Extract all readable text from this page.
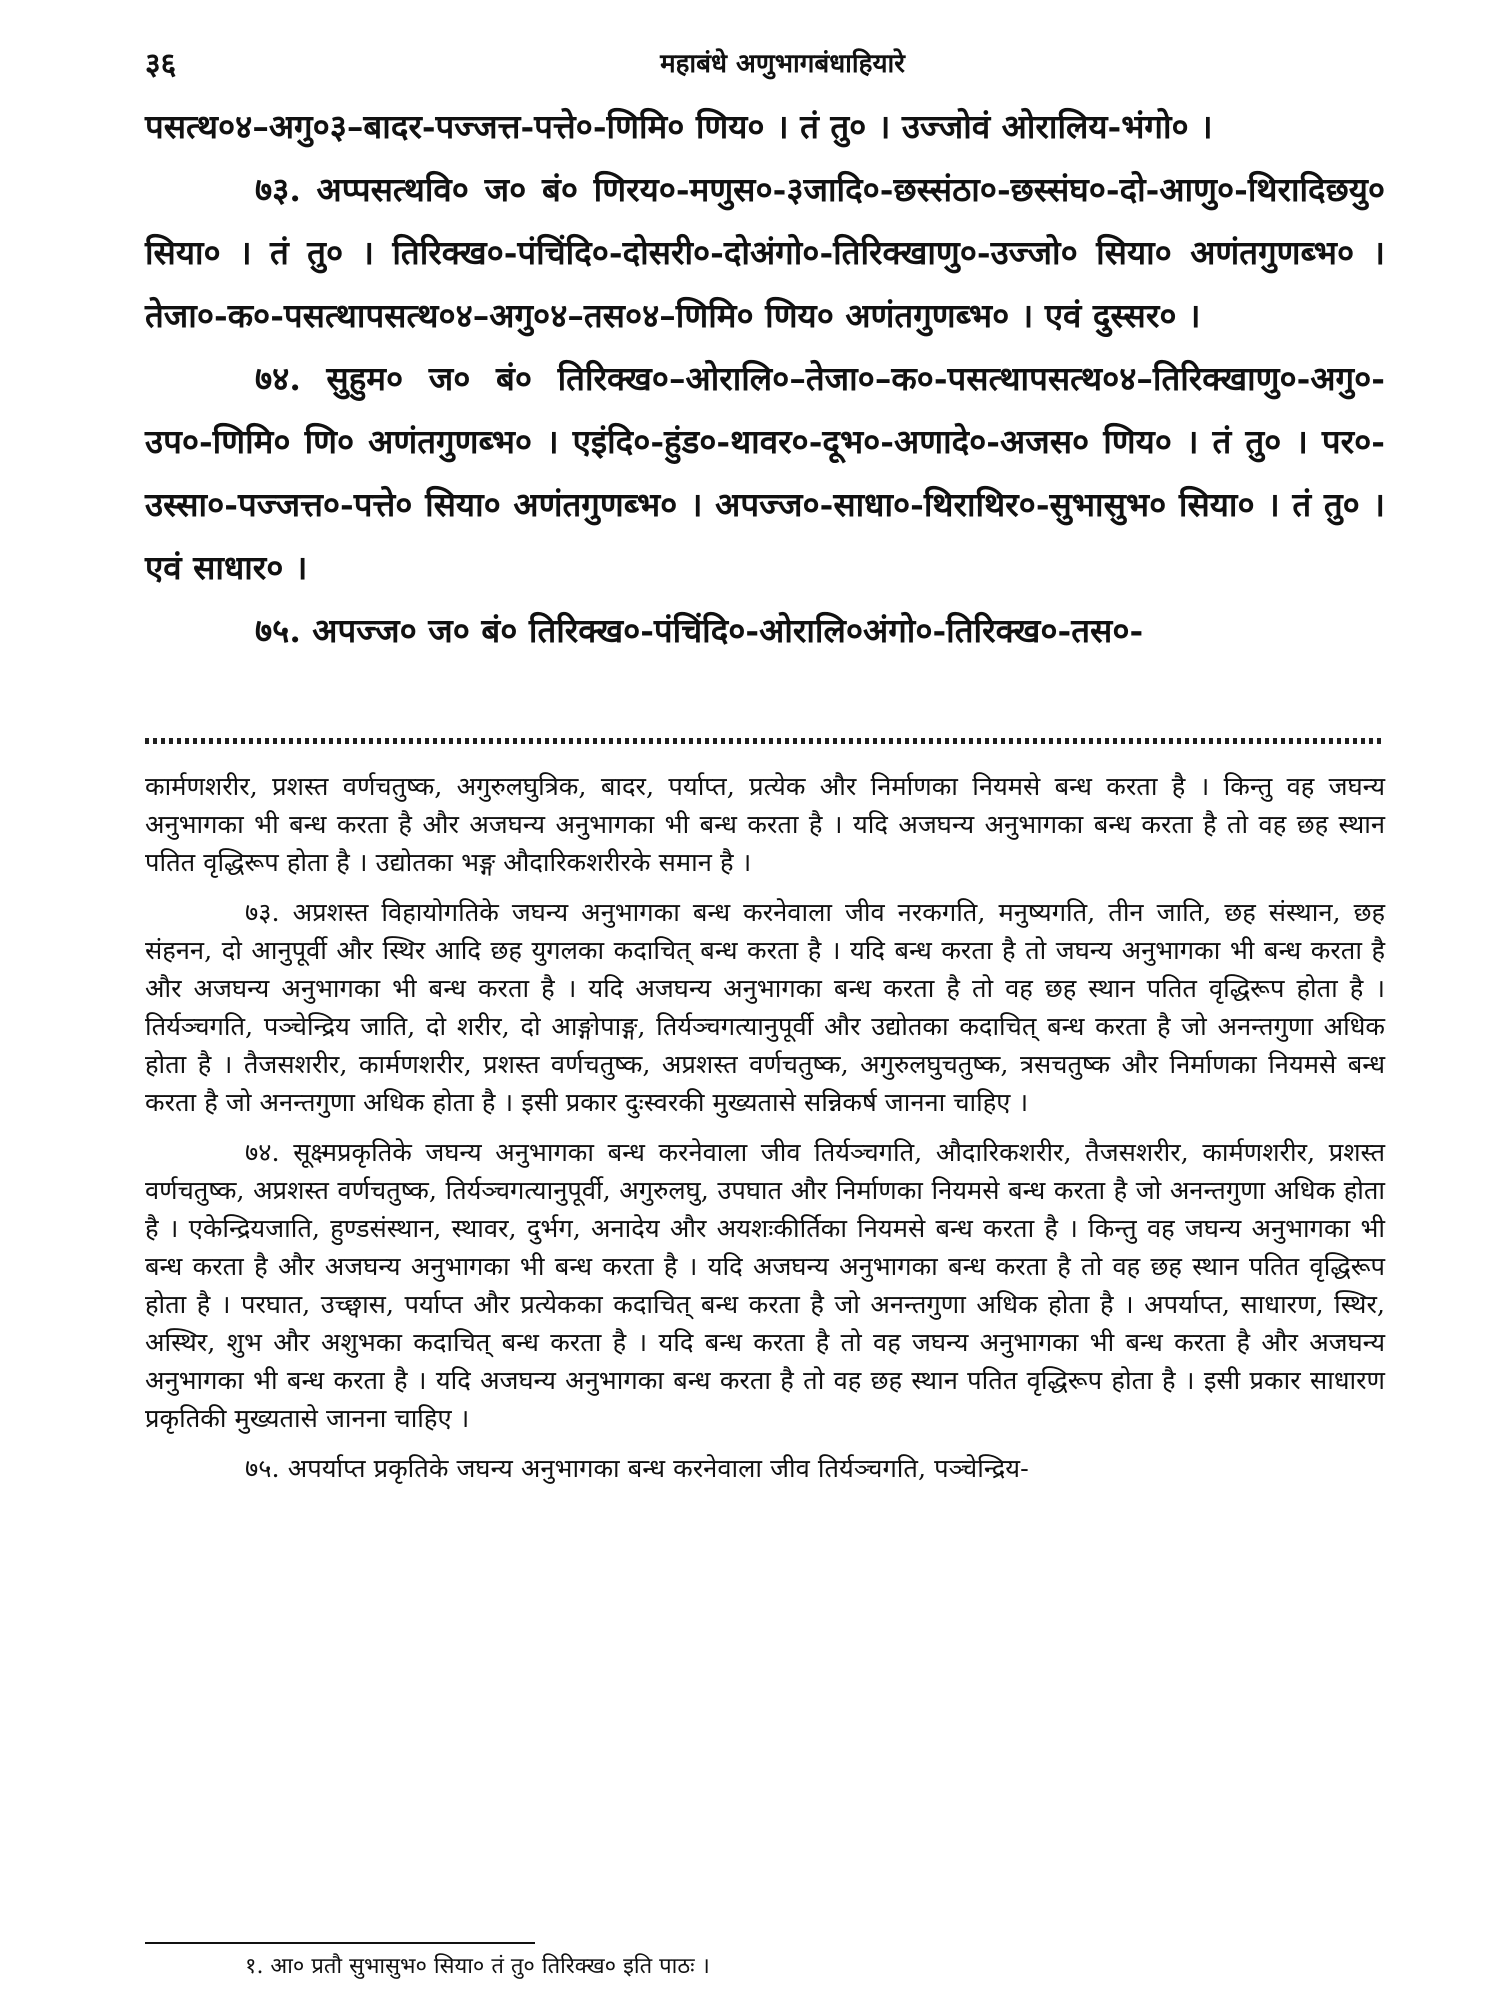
३६	महाबंधे अणुभागबंधाहियारे

पसत्थ०४–अगु०३–बादर-पज्जत्त-पत्ते०-णिमि० णिय० । तं तु० । उज्जोवं ओरालिय-भंगो० ।

७३. अप्पसत्थवि० ज० बं० णिरय०-मणुस०-३जादि०-छस्संठा०-छस्संघ०-दो-आणु०-थिरादिछयु० सिया० । तं तु० । तिरिक्ख०-पंचिंदि०-दोसरी०-दोअंगो०-तिरिक्खाणु०-उज्जो० सिया० अणंतगुणब्भ० । तेजा०-क०-पसत्थापसत्थ०४–अगु०४–तस०४–णिमि० णिय० अणंतगुणब्भ० । एवं दुस्सर० ।

७४. सुहुम० ज० बं० तिरिक्ख०–ओरालि०–तेजा०–क०-पसत्थापसत्थ०४–तिरिक्खाणु०-अगु०-उप०-णिमि० णि० अणंतगुणब्भ० । एइंदि०-हुंड०-थावर०-दूभ०-अणादे०-अजस० णिय० । तं तु० । पर०-उस्सा०-पज्जत्त०-पत्ते० सिया० अणंतगुणब्भ० । अपज्ज०-साधा०-थिराथिर०-सुभासुभ० सिया० । तं तु० । एवं साधार० ।

७५. अपज्ज० ज० बं० तिरिक्ख०-पंचिंदि०-ओरालि०अंगो०-तिरिक्ख०-तस०-

कार्मणशरीर, प्रशस्त वर्णचतुष्क, अगुरुलघुत्रिक, बादर, पर्याप्त, प्रत्येक और निर्माणका नियमसे बन्ध करता है । किन्तु वह जघन्य अनुभागका भी बन्ध करता है और अजघन्य अनुभागका भी बन्ध करता है । यदि अजघन्य अनुभागका बन्ध करता है तो वह छह स्थान पतित वृद्धिरूप होता है । उद्योतका भङ्ग औदारिकशरीरके समान है ।

७३. अप्रशस्त विहायोगतिके जघन्य अनुभागका बन्ध करनेवाला जीव नरकगति, मनुष्यगति, तीन जाति, छह संस्थान, छह संहनन, दो आनुपूर्वी और स्थिर आदि छह युगलका कदाचित् बन्ध करता है । यदि बन्ध करता है तो जघन्य अनुभागका भी बन्ध करता है और अजघन्य अनुभागका भी बन्ध करता है । यदि अजघन्य अनुभागका बन्ध करता है तो वह छह स्थान पतित वृद्धिरूप होता है । तिर्यञ्चगति, पञ्चेन्द्रिय जाति, दो शरीर, दो आङ्गोपाङ्ग, तिर्यञ्चगत्यानुपूर्वी और उद्योतका कदाचित् बन्ध करता है जो अनन्तगुणा अधिक होता है । तैजसशरीर, कार्मणशरीर, प्रशस्त वर्णचतुष्क, अप्रशस्त वर्णचतुष्क, अगुरुलघुचतुष्क, त्रसचतुष्क और निर्माणका नियमसे बन्ध करता है जो अनन्तगुणा अधिक होता है । इसी प्रकार दुःस्वरकी मुख्यतासे सन्निकर्ष जानना चाहिए ।

७४. सूक्ष्मप्रकृतिके जघन्य अनुभागका बन्ध करनेवाला जीव तिर्यञ्चगति, औदारिकशरीर, तैजसशरीर, कार्मणशरीर, प्रशस्त वर्णचतुष्क, अप्रशस्त वर्णचतुष्क, तिर्यञ्चगत्यानुपूर्वी, अगुरुलघु, उपघात और निर्माणका नियमसे बन्ध करता है जो अनन्तगुणा अधिक होता है । एकेन्द्रियजाति, हुण्डसंस्थान, स्थावर, दुर्भग, अनादेय और अयशःकीर्तिका नियमसे बन्ध करता है । किन्तु वह जघन्य अनुभागका भी बन्ध करता है और अजघन्य अनुभागका भी बन्ध करता है । यदि अजघन्य अनुभागका बन्ध करता है तो वह छह स्थान पतित वृद्धिरूप होता है । परघात, उच्छ्वास, पर्याप्त और प्रत्येकका कदाचित् बन्ध करता है जो अनन्तगुणा अधिक होता है । अपर्याप्त, साधारण, स्थिर, अस्थिर, शुभ और अशुभका कदाचित् बन्ध करता है । यदि बन्ध करता है तो वह जघन्य अनुभागका भी बन्ध करता है और अजघन्य अनुभागका भी बन्ध करता है । यदि अजघन्य अनुभागका बन्ध करता है तो वह छह स्थान पतित वृद्धिरूप होता है । इसी प्रकार साधारण प्रकृतिकी मुख्यतासे जानना चाहिए ।

७५. अपर्याप्त प्रकृतिके जघन्य अनुभागका बन्ध करनेवाला जीव तिर्यञ्चगति, पञ्चेन्द्रिय-

१. आ० प्रतौ सुभासुभ० सिया० तं तु० तिरिक्ख० इति पाठः ।
